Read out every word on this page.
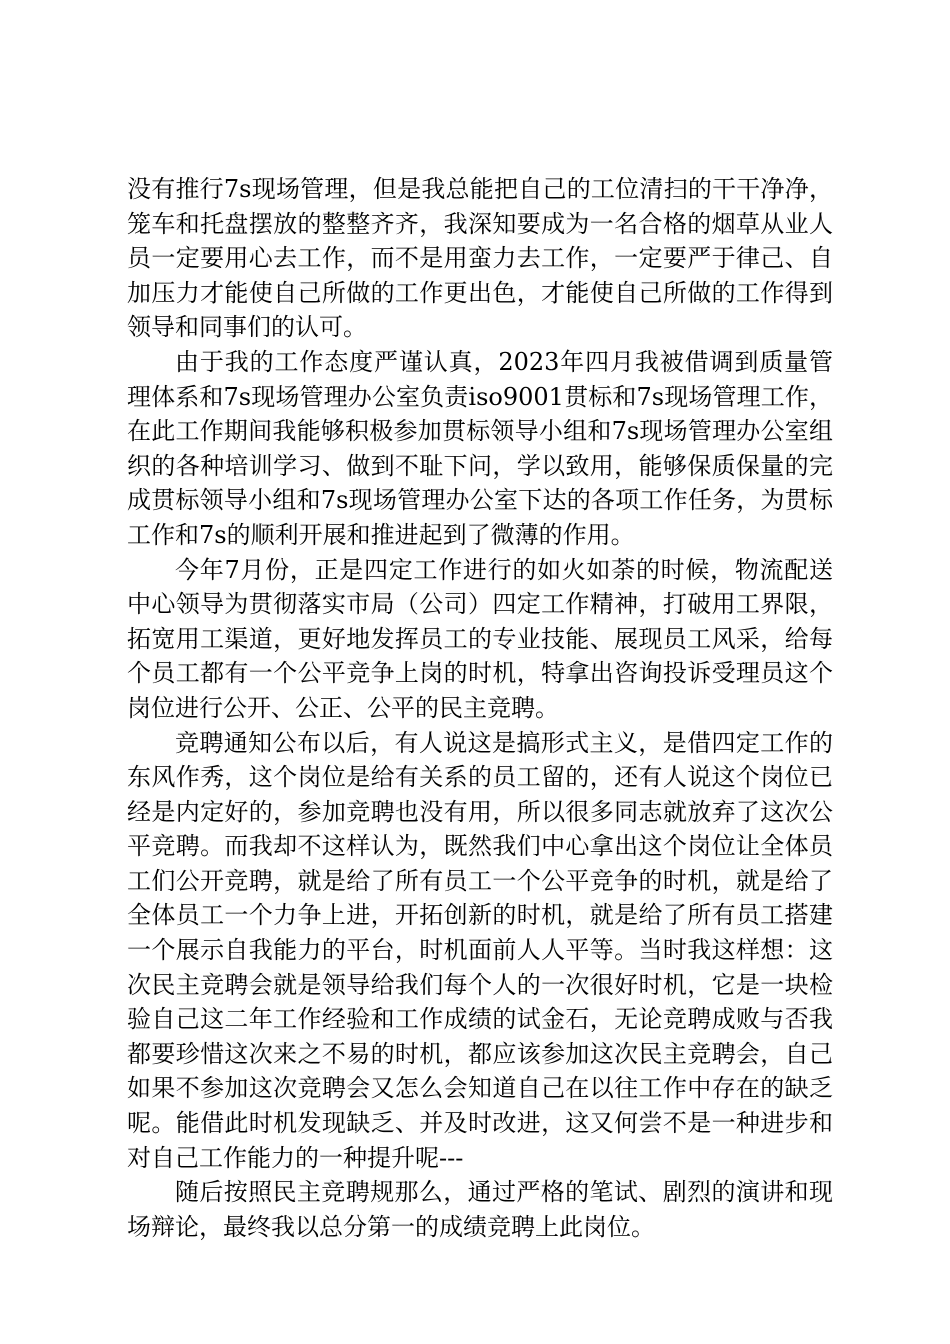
没有推行7s现场管理，但是我总能把自己的工位清扫的干干净净，笼车和托盘摆放的整整齐齐，我深知要成为一名合格的烟草从业人员一定要用心去工作，而不是用蛮力去工作，一定要严于律己、自加压力才能使自己所做的工作更出色，才能使自己所做的工作得到领导和同事们的认可。

由于我的工作态度严谨认真，2023年四月我被借调到质量管理体系和7s现场管理办公室负责iso9001贯标和7s现场管理工作，在此工作期间我能够积极参加贯标领导小组和7s现场管理办公室组织的各种培训学习、做到不耻下问，学以致用，能够保质保量的完成贯标领导小组和7s现场管理办公室下达的各项工作任务，为贯标工作和7s的顺利开展和推进起到了微薄的作用。

今年7月份，正是四定工作进行的如火如荼的时候，物流配送中心领导为贯彻落实市局（公司）四定工作精神，打破用工界限，拓宽用工渠道，更好地发挥员工的专业技能、展现员工风采，给每个员工都有一个公平竞争上岗的时机，特拿出咨询投诉受理员这个岗位进行公开、公正、公平的民主竞聘。

竞聘通知公布以后，有人说这是搞形式主义，是借四定工作的东风作秀，这个岗位是给有关系的员工留的，还有人说这个岗位已经是内定好的，参加竞聘也没有用，所以很多同志就放弃了这次公平竞聘。而我却不这样认为，既然我们中心拿出这个岗位让全体员工们公开竞聘，就是给了所有员工一个公平竞争的时机，就是给了全体员工一个力争上进，开拓创新的时机，就是给了所有员工搭建一个展示自我能力的平台，时机面前人人平等。当时我这样想：这次民主竞聘会就是领导给我们每个人的一次很好时机，它是一块检验自己这二年工作经验和工作成绩的试金石，无论竞聘成败与否我都要珍惜这次来之不易的时机，都应该参加这次民主竞聘会，自己如果不参加这次竞聘会又怎么会知道自己在以往工作中存在的缺乏呢。能借此时机发现缺乏、并及时改进，这又何尝不是一种进步和对自己工作能力的一种提升呢---

随后按照民主竞聘规那么，通过严格的笔试、剧烈的演讲和现场辩论，最终我以总分第一的成绩竞聘上此岗位。
